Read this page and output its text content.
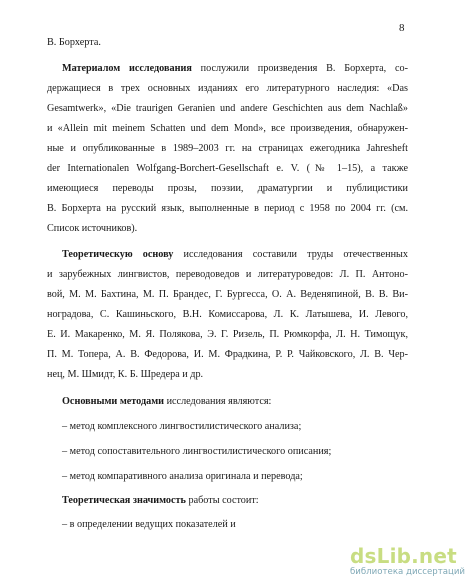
8
В. Борхерта.
Материалом исследования послужили произведения В. Борхерта, со-
держащиеся в трех основных изданиях его литературного наследия: «Das
Gesamtwerk», «Die traurigen Geranien und andere Geschichten aus dem Nachlaß»
и «Allein mit meinem Schatten und dem Mond», все произведения, обнаружен-
ные и опубликованные в 1989–2003 гг. на страницах ежегодника Jahresheft
der Internationalen Wolfgang-Borchert-Gesellschaft e. V. (№ 1–15), а также
имеющиеся переводы прозы, поэзии, драматургии и публицистики
В. Борхерта на русский язык, выполненные в период с 1958 по 2004 гг. (см.
Список источников).
Теоретическую основу исследования составили труды отечественных
и зарубежных лингвистов, переводоведов и литературоведов: Л. П. Антоно-
вой, М. М. Бахтина, М. П. Брандес, Г. Бургесса, О. А. Веденяпиной, В. В. Ви-
ноградова, С. Кашиньского, В.Н. Комиссарова, Л. К. Латышева, И. Левого,
Е. И. Макаренко, М. Я. Полякова, Э. Г. Ризель, П. Рюмкорфа, Л. Н. Тимощук,
П. М. Топера, А. В. Федорова, И. М. Фрадкина, Р. Р. Чайковского, Л. В. Чер-
нец, М. Шмидт, К. Б. Шредера и др.
Основными методами исследования являются:
– метод комплексного лингвостилистического анализа;
– метод сопоставительного лингвостилистического описания;
– метод компаративного анализа оригинала и перевода;
Теоретическая значимость работы состоит:
– в определении ведущих показателей и
dsLib.net
библиотека диссертаций
